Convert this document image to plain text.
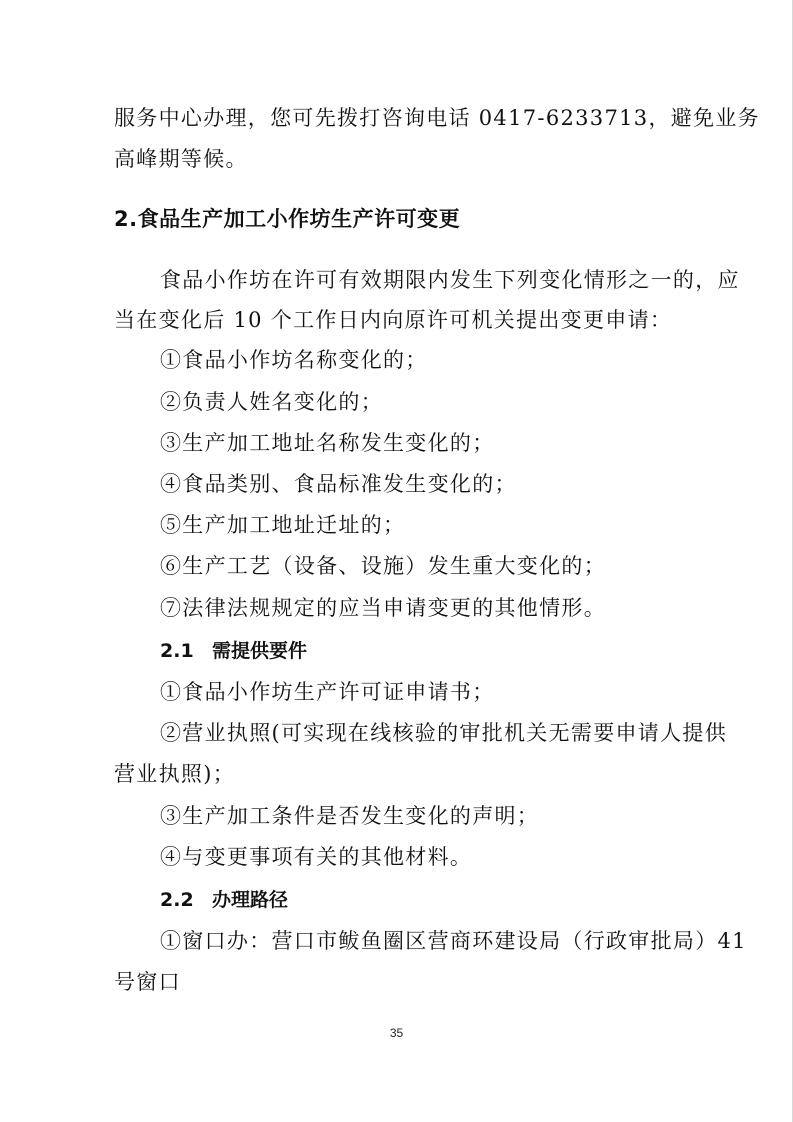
服务中心办理，您可先拨打咨询电话 0417-6233713，避免业务
高峰期等候。
2.食品生产加工小作坊生产许可变更
食品小作坊在许可有效期限内发生下列变化情形之一的，应
当在变化后 10 个工作日内向原许可机关提出变更申请：
①食品小作坊名称变化的；
②负责人姓名变化的；
③生产加工地址名称发生变化的；
④食品类别、食品标准发生变化的；
⑤生产加工地址迁址的；
⑥生产工艺（设备、设施）发生重大变化的；
⑦法律法规规定的应当申请变更的其他情形。
2.1 需提供要件
①食品小作坊生产许可证申请书；
②营业执照(可实现在线核验的审批机关无需要申请人提供
营业执照)；
③生产加工条件是否发生变化的声明；
④与变更事项有关的其他材料。
2.2 办理路径
①窗口办：营口市鲅鱼圈区营商环建设局（行政审批局）41
号窗口
35
